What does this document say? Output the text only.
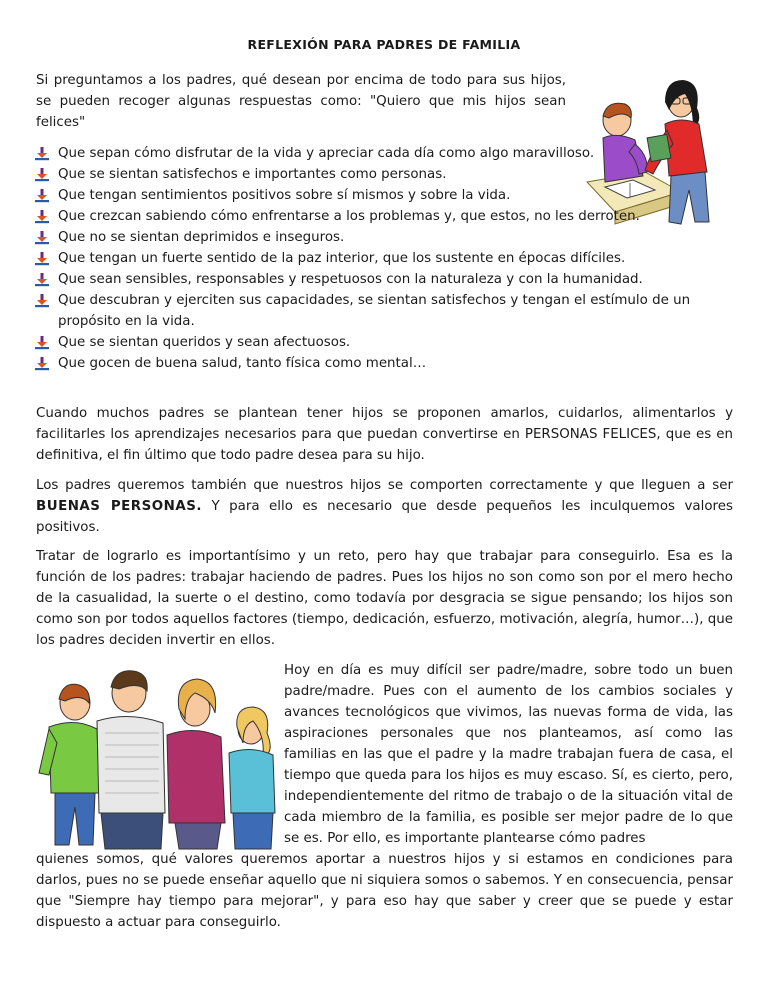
REFLEXIÓN PARA PADRES DE FAMILIA

Si preguntamos a los padres, qué desean por encima de todo para sus hijos, se pueden recoger algunas respuestas como: "Quiero que mis hijos sean felices"

Que sepan cómo disfrutar de la vida y apreciar cada día como algo maravilloso.
Que se sientan satisfechos e importantes como personas.
Que tengan sentimientos positivos sobre sí mismos y sobre la vida.
Que crezcan sabiendo cómo enfrentarse a los problemas y, que estos, no les derroten.
Que no se sientan deprimidos e inseguros.
Que tengan un fuerte sentido de la paz interior, que los sustente en épocas difíciles.
Que sean sensibles, responsables y respetuosos con la naturaleza y con la humanidad.
Que descubran y ejerciten sus capacidades, se sientan satisfechos y tengan el estímulo de un propósito en la vida.
Que se sientan queridos y sean afectuosos.
Que gocen de buena salud, tanto física como mental…

Cuando muchos padres se plantean tener hijos se proponen amarlos, cuidarlos, alimentarlos y facilitarles los aprendizajes necesarios para que puedan convertirse en PERSONAS FELICES, que es en definitiva, el fin último que todo padre desea para su hijo.

Los padres queremos también que nuestros hijos se comporten correctamente y que lleguen a ser BUENAS PERSONAS. Y para ello es necesario que desde pequeños les inculquemos valores positivos.

Tratar de lograrlo es importantísimo y un reto, pero hay que trabajar para conseguirlo. Esa es la función de los padres: trabajar haciendo de padres. Pues los hijos no son como son por el mero hecho de la casualidad, la suerte o el destino, como todavía por desgracia se sigue pensando; los hijos son como son por todos aquellos factores (tiempo, dedicación, esfuerzo, motivación, alegría, humor…), que los padres deciden invertir en ellos.

Hoy en día es muy difícil ser padre/madre, sobre todo un buen padre/madre. Pues con el aumento de los cambios sociales y avances tecnológicos que vivimos, las nuevas forma de vida, las aspiraciones personales que nos planteamos, así como las familias en las que el padre y la madre trabajan fuera de casa, el tiempo que queda para los hijos es muy escaso. Sí, es cierto, pero, independientemente del ritmo de trabajo o de la situación vital de cada miembro de la familia, es posible ser mejor padre de lo que se es. Por ello, es importante plantearse cómo padres

quienes somos, qué valores queremos aportar a nuestros hijos y si estamos en condiciones para
darlos, pues no se puede enseñar aquello que ni siquiera somos o sabemos. Y en consecuencia, pensar
que "Siempre hay tiempo para mejorar", y para eso hay que saber y creer que se puede y estar
dispuesto a actuar para conseguirlo.
